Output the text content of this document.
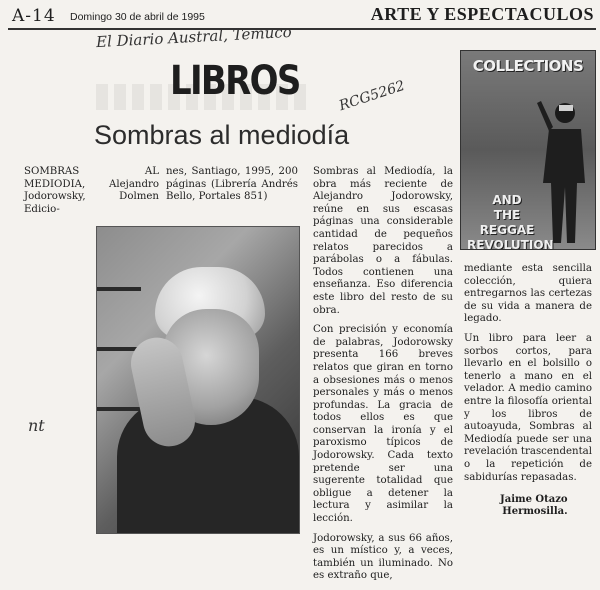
A-14 Domingo 30 de abril de 1995	ARTE Y ESPECTACULOS
El Diario Austral, Temuco
RCG5262
LIBROS
Sombras al mediodía

SOMBRAS AL MEDIODIA, Alejandro Jodorowsky, Dolmen Edicio-

nes, Santiago, 1995, 200 páginas (Librería Andrés Bello, Portales 851)

nt

Sombras al Mediodía, la obra más reciente de Alejandro Jodorowsky, reúne en sus escasas páginas una considerable cantidad de pequeños relatos parecidos a parábolas o a fábulas. Todos contienen una enseñanza. Eso diferencia este libro del resto de su obra.

Con precisión y economía de palabras, Jodorowsky presenta 166 breves relatos que giran en torno a obsesiones más o menos personales y más o menos profundas. La gracia de todos ellos es que conservan la ironía y el paroxismo típicos de Jodorowsky. Cada texto pretende ser una sugerente totalidad que obligue a detener la lectura y asimilar la lección.

Jodorowsky, a sus 66 años, es un místico y, a veces, también un iluminado. No es extraño que,

COLLECTIONS
AND
THE REGGAE
REVOLUTION

mediante esta sencilla colección, quiera entregarnos las certezas de su vida a manera de legado.

Un libro para leer a sorbos cortos, para llevarlo en el bolsillo o tenerlo a mano en el velador. A medio camino entre la filosofía oriental y los libros de autoayuda, Sombras al Mediodía puede ser una revelación trascendental o la repetición de sabidurías repasadas.

Jaime Otazo
Hermosilla.
